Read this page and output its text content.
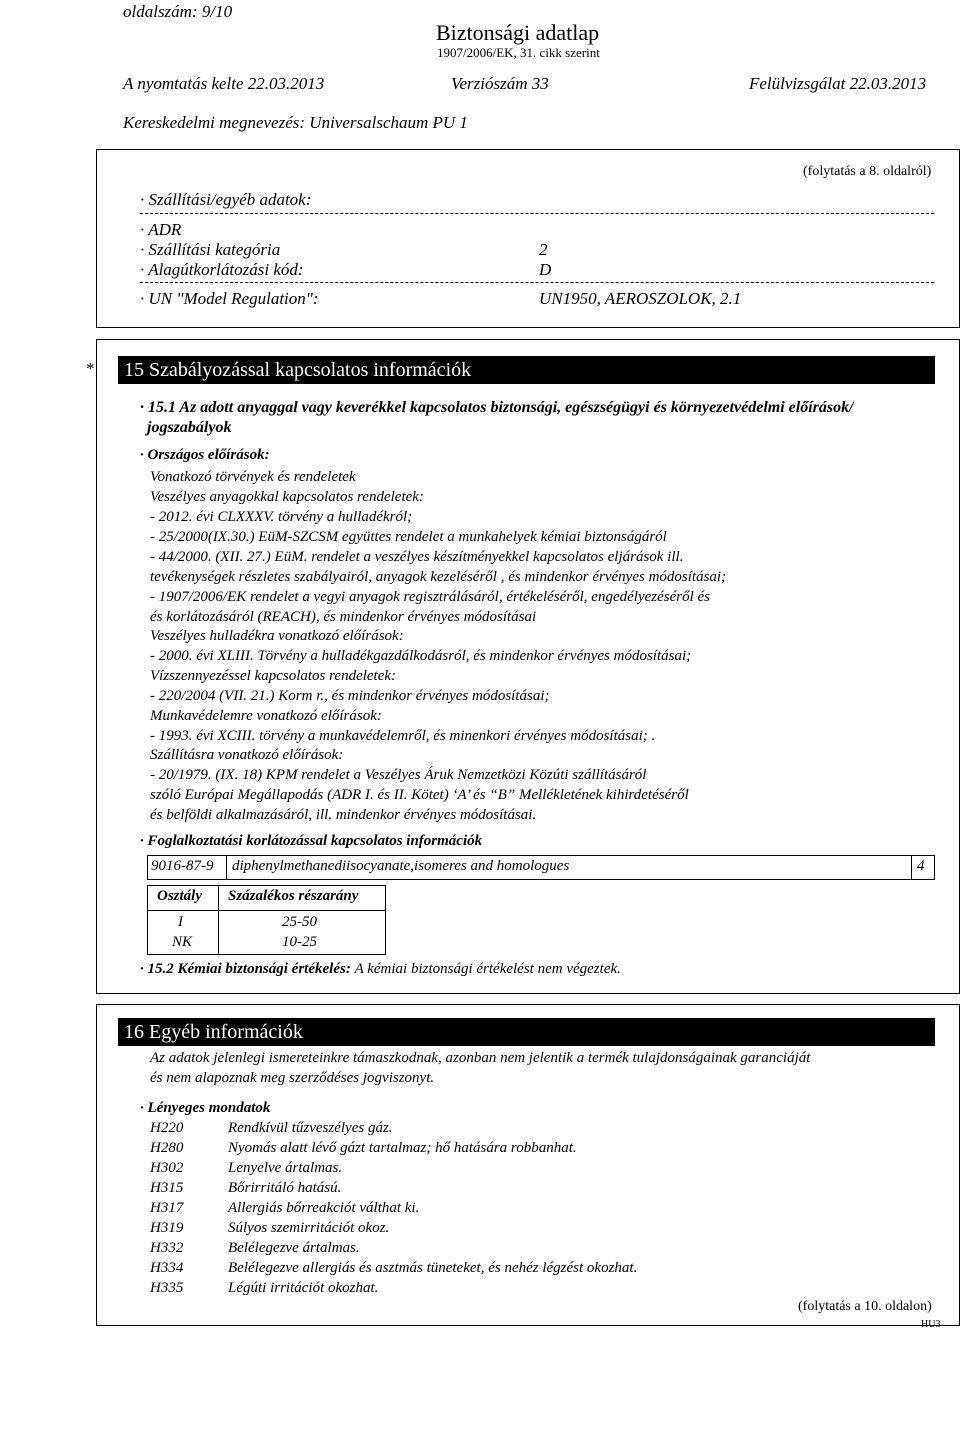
oldalszám: 9/10
Biztonsági adatlap
1907/2006/EK, 31. cikk szerint
A nyomtatás kelte 22.03.2013	Verziószám 33	Felülvizsgálat 22.03.2013
Kereskedelmi megnevezés: Universalschaum PU 1
(folytatás a 8. oldalról)
· Szállítási/egyéb adatok:
· ADR
· Szállítási kategória	2
· Alagútkorlátozási kód:	D
· UN "Model Regulation":	UN1950, AEROSZOLOK, 2.1
*	15 Szabályozással kapcsolatos információk
· 15.1 Az adott anyaggal vagy keverékkel kapcsolatos biztonsági, egészségügyi és környezetvédelmi előírások/
jogszabályok
· Országos előírások:
Vonatkozó törvények és rendeletek
Veszélyes anyagokkal kapcsolatos rendeletek:
- 2012. évi CLXXXV. törvény a hulladékról;
- 25/2000(IX.30.) EüM-SZCSM együttes rendelet a munkahelyek kémiai biztonságáról
- 44/2000. (XII. 27.) EüM. rendelet a veszélyes készítményekkel kapcsolatos eljárások ill.
tevékenységek részletes szabályairól, anyagok kezeléséről , és mindenkor érvényes módosításai;
- 1907/2006/EK rendelet a vegyi anyagok regisztrálásáról, értékeléséről, engedélyezéséről és
és korlátozásáról (REACH), és mindenkor érvényes módosításai
Veszélyes hulladékra vonatkozó előírások:
- 2000. évi XLIII. Törvény a hulladékgazdálkodásról, és mindenkor érvényes módosításai;
Vízszennyezéssel kapcsolatos rendeletek:
- 220/2004 (VII. 21.) Korm r., és mindenkor érvényes módosításai;
Munkavédelemre vonatkozó előírások:
- 1993. évi XCIII. törvény a munkavédelemről, és minenkori érvényes módosításai; .
Szállításra vonatkozó előírások:
- 20/1979. (IX. 18) KPM rendelet a Veszélyes Áruk Nemzetközi Közúti szállításáról
szóló Európai Megállapodás (ADR I. és II. Kötet) ‘A’ és “B” Mellékletének kihirdetéséről
és belföldi alkalmazásáról, ill. mindenkor érvényes módosításai.
· Foglalkoztatási korlátozással kapcsolatos információk
9016-87-9 diphenylmethanediisocyanate,isomeres and homologues	4
Osztály Százalékos részarány
I	25-50
NK	10-25
· 15.2 Kémiai biztonsági értékelés: A kémiai biztonsági értékelést nem végeztek.
16 Egyéb információk
Az adatok jelenlegi ismereteinkre támaszkodnak, azonban nem jelentik a termék tulajdonságainak garanciáját
és nem alapoznak meg szerződéses jogviszonyt.
· Lényeges mondatok
H220	Rendkívül tűzveszélyes gáz.
H280	Nyomás alatt lévő gázt tartalmaz; hő hatására robbanhat.
H302	Lenyelve ártalmas.
H315	Bőrirritáló hatású.
H317	Allergiás bőrreakciót válthat ki.
H319	Súlyos szemirritációt okoz.
H332	Belélegezve ártalmas.
H334	Belélegezve allergiás és asztmás tüneteket, és nehéz légzést okozhat.
H335	Légúti irritációt okozhat.
(folytatás a 10. oldalon)
HU3
